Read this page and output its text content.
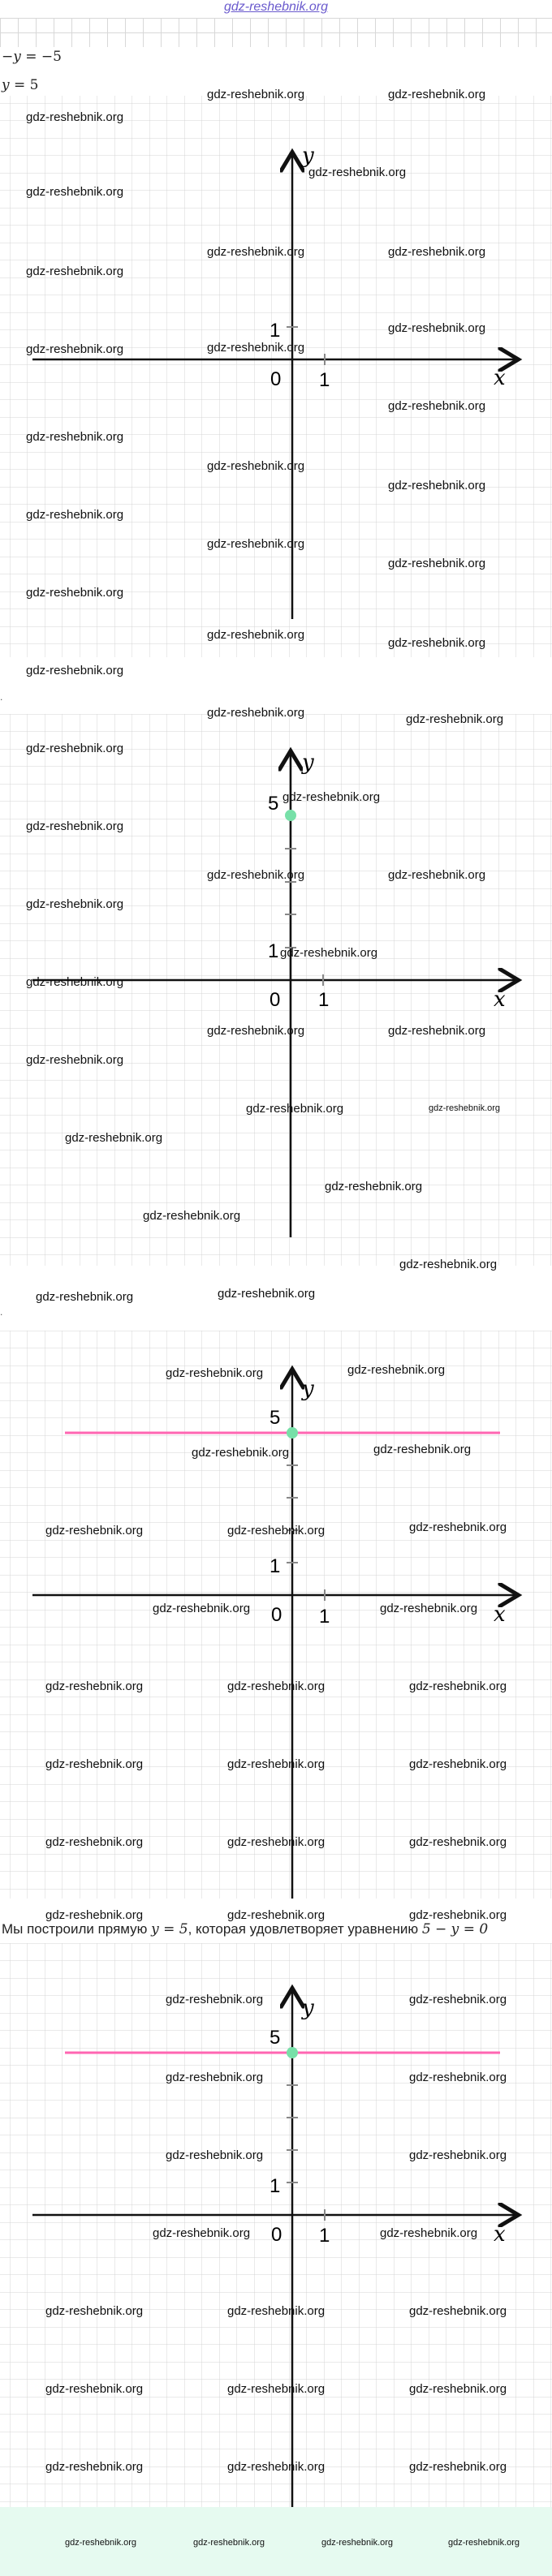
gdz-reshebnik.org
−y = −5
y = 5
y
x
0
1
1
.
y
x
0
1
5
1
.
y
x
0
1
5
1
Мы построили прямую y = 5, которая удовлетворяет уравнению 5 − y = 0
y
x
0
1
5
1
gdz-reshebnik.org	gdz-reshebnik.org	gdz-reshebnik.org	gdz-reshebnik.org
gdz-reshebnik.org	gdz-reshebnik.org
gdz-reshebnik.org
gdz-reshebnik.org
gdz-reshebnik.org
gdz-reshebnik.org	gdz-reshebnik.org
gdz-reshebnik.org
gdz-reshebnik.org
gdz-reshebnik.org	gdz-reshebnik.org
gdz-reshebnik.org
gdz-reshebnik.org
gdz-reshebnik.org
gdz-reshebnik.org
gdz-reshebnik.org
gdz-reshebnik.org
gdz-reshebnik.org
gdz-reshebnik.org
gdz-reshebnik.org
gdz-reshebnik.org
gdz-reshebnik.org
gdz-reshebnik.org	gdz-reshebnik.org
gdz-reshebnik.org
gdz-reshebnik.org
gdz-reshebnik.org
gdz-reshebnik.org	gdz-reshebnik.org
gdz-reshebnik.org
gdz-reshebnik.org
gdz-reshebnik.org
gdz-reshebnik.org	gdz-reshebnik.org
gdz-reshebnik.org
gdz-reshebnik.org	gdz-reshebnik.org
gdz-reshebnik.org
gdz-reshebnik.org
gdz-reshebnik.org
gdz-reshebnik.org
gdz-reshebnik.org	gdz-reshebnik.org
gdz-reshebnik.org	gdz-reshebnik.org
gdz-reshebnik.org	gdz-reshebnik.org
gdz-reshebnik.org	gdz-reshebnik.org	gdz-reshebnik.org
gdz-reshebnik.org	gdz-reshebnik.org
gdz-reshebnik.org	gdz-reshebnik.org	gdz-reshebnik.org
gdz-reshebnik.org	gdz-reshebnik.org	gdz-reshebnik.org
gdz-reshebnik.org	gdz-reshebnik.org	gdz-reshebnik.org
gdz-reshebnik.org	gdz-reshebnik.org	gdz-reshebnik.org
gdz-reshebnik.org	gdz-reshebnik.org
gdz-reshebnik.org	gdz-reshebnik.org
gdz-reshebnik.org	gdz-reshebnik.org
gdz-reshebnik.org	gdz-reshebnik.org
gdz-reshebnik.org	gdz-reshebnik.org	gdz-reshebnik.org
gdz-reshebnik.org	gdz-reshebnik.org	gdz-reshebnik.org
gdz-reshebnik.org	gdz-reshebnik.org	gdz-reshebnik.org
